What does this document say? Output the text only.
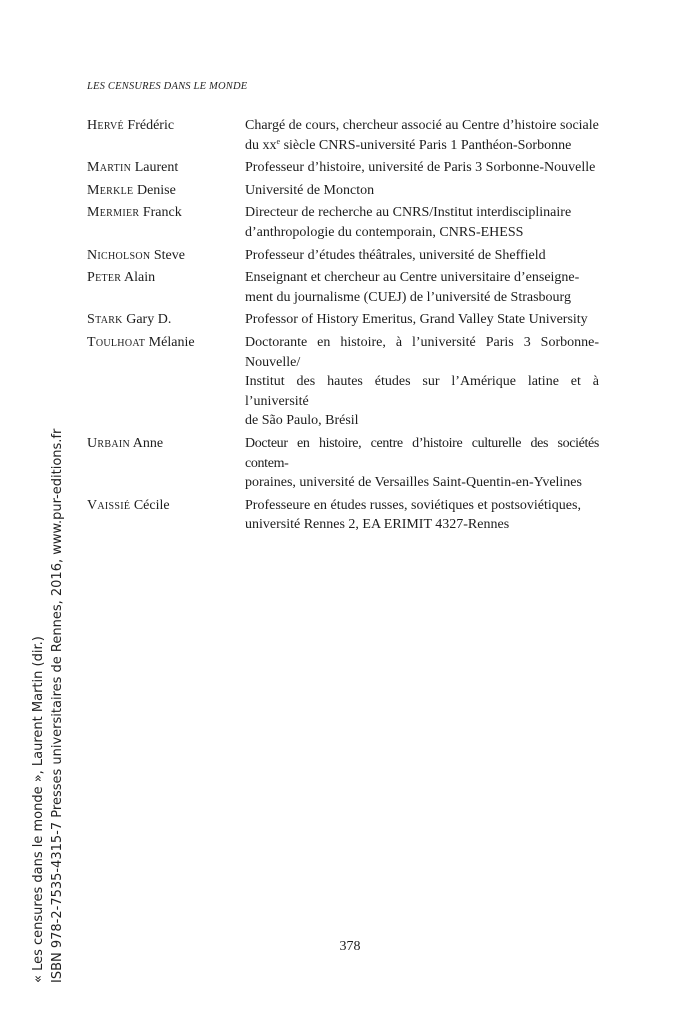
LES CENSURES DANS LE MONDE
Hervé Frédéric	Chargé de cours, chercheur associé au Centre d’histoire sociale
du $xx^e$ siècle CNRS-université Paris 1 Panthéon-Sorbonne
Martin Laurent	Professeur d’histoire, université de Paris 3 Sorbonne-Nouvelle
Merkle Denise	Université de Moncton
Mermier Franck	Directeur de recherche au CNRS/Institut interdisciplinaire
d’anthropologie du contemporain, CNRS-EHESS
Nicholson Steve	Professeur d’études théâtrales, université de Sheffield
Peter Alain	Enseignant et chercheur au Centre universitaire d’enseigne-
ment du journalisme (CUEJ) de l’université de Strasbourg
Stark Gary D.	Professor of History Emeritus, Grand Valley State University
Toulhoat Mélanie	Doctorante en histoire, à l’université Paris 3 Sorbonne-Nouvelle/
Institut des hautes études sur l’Amérique latine et à l’université
de São Paulo, Brésil
Urbain Anne	Docteur en histoire, centre d’histoire culturelle des sociétés contem-
poraines, université de Versailles Saint-Quentin-en-Yvelines
Vaissié Cécile	Professeure en études russes, soviétiques et postsoviétiques,
université Rennes 2, EA ERIMIT 4327-Rennes
« Les censures dans le monde », Laurent Martin (dir.) ISBN 978-2-7535-4315-7 Presses universitaires de Rennes, 2016, www.pur-editions.fr	378
